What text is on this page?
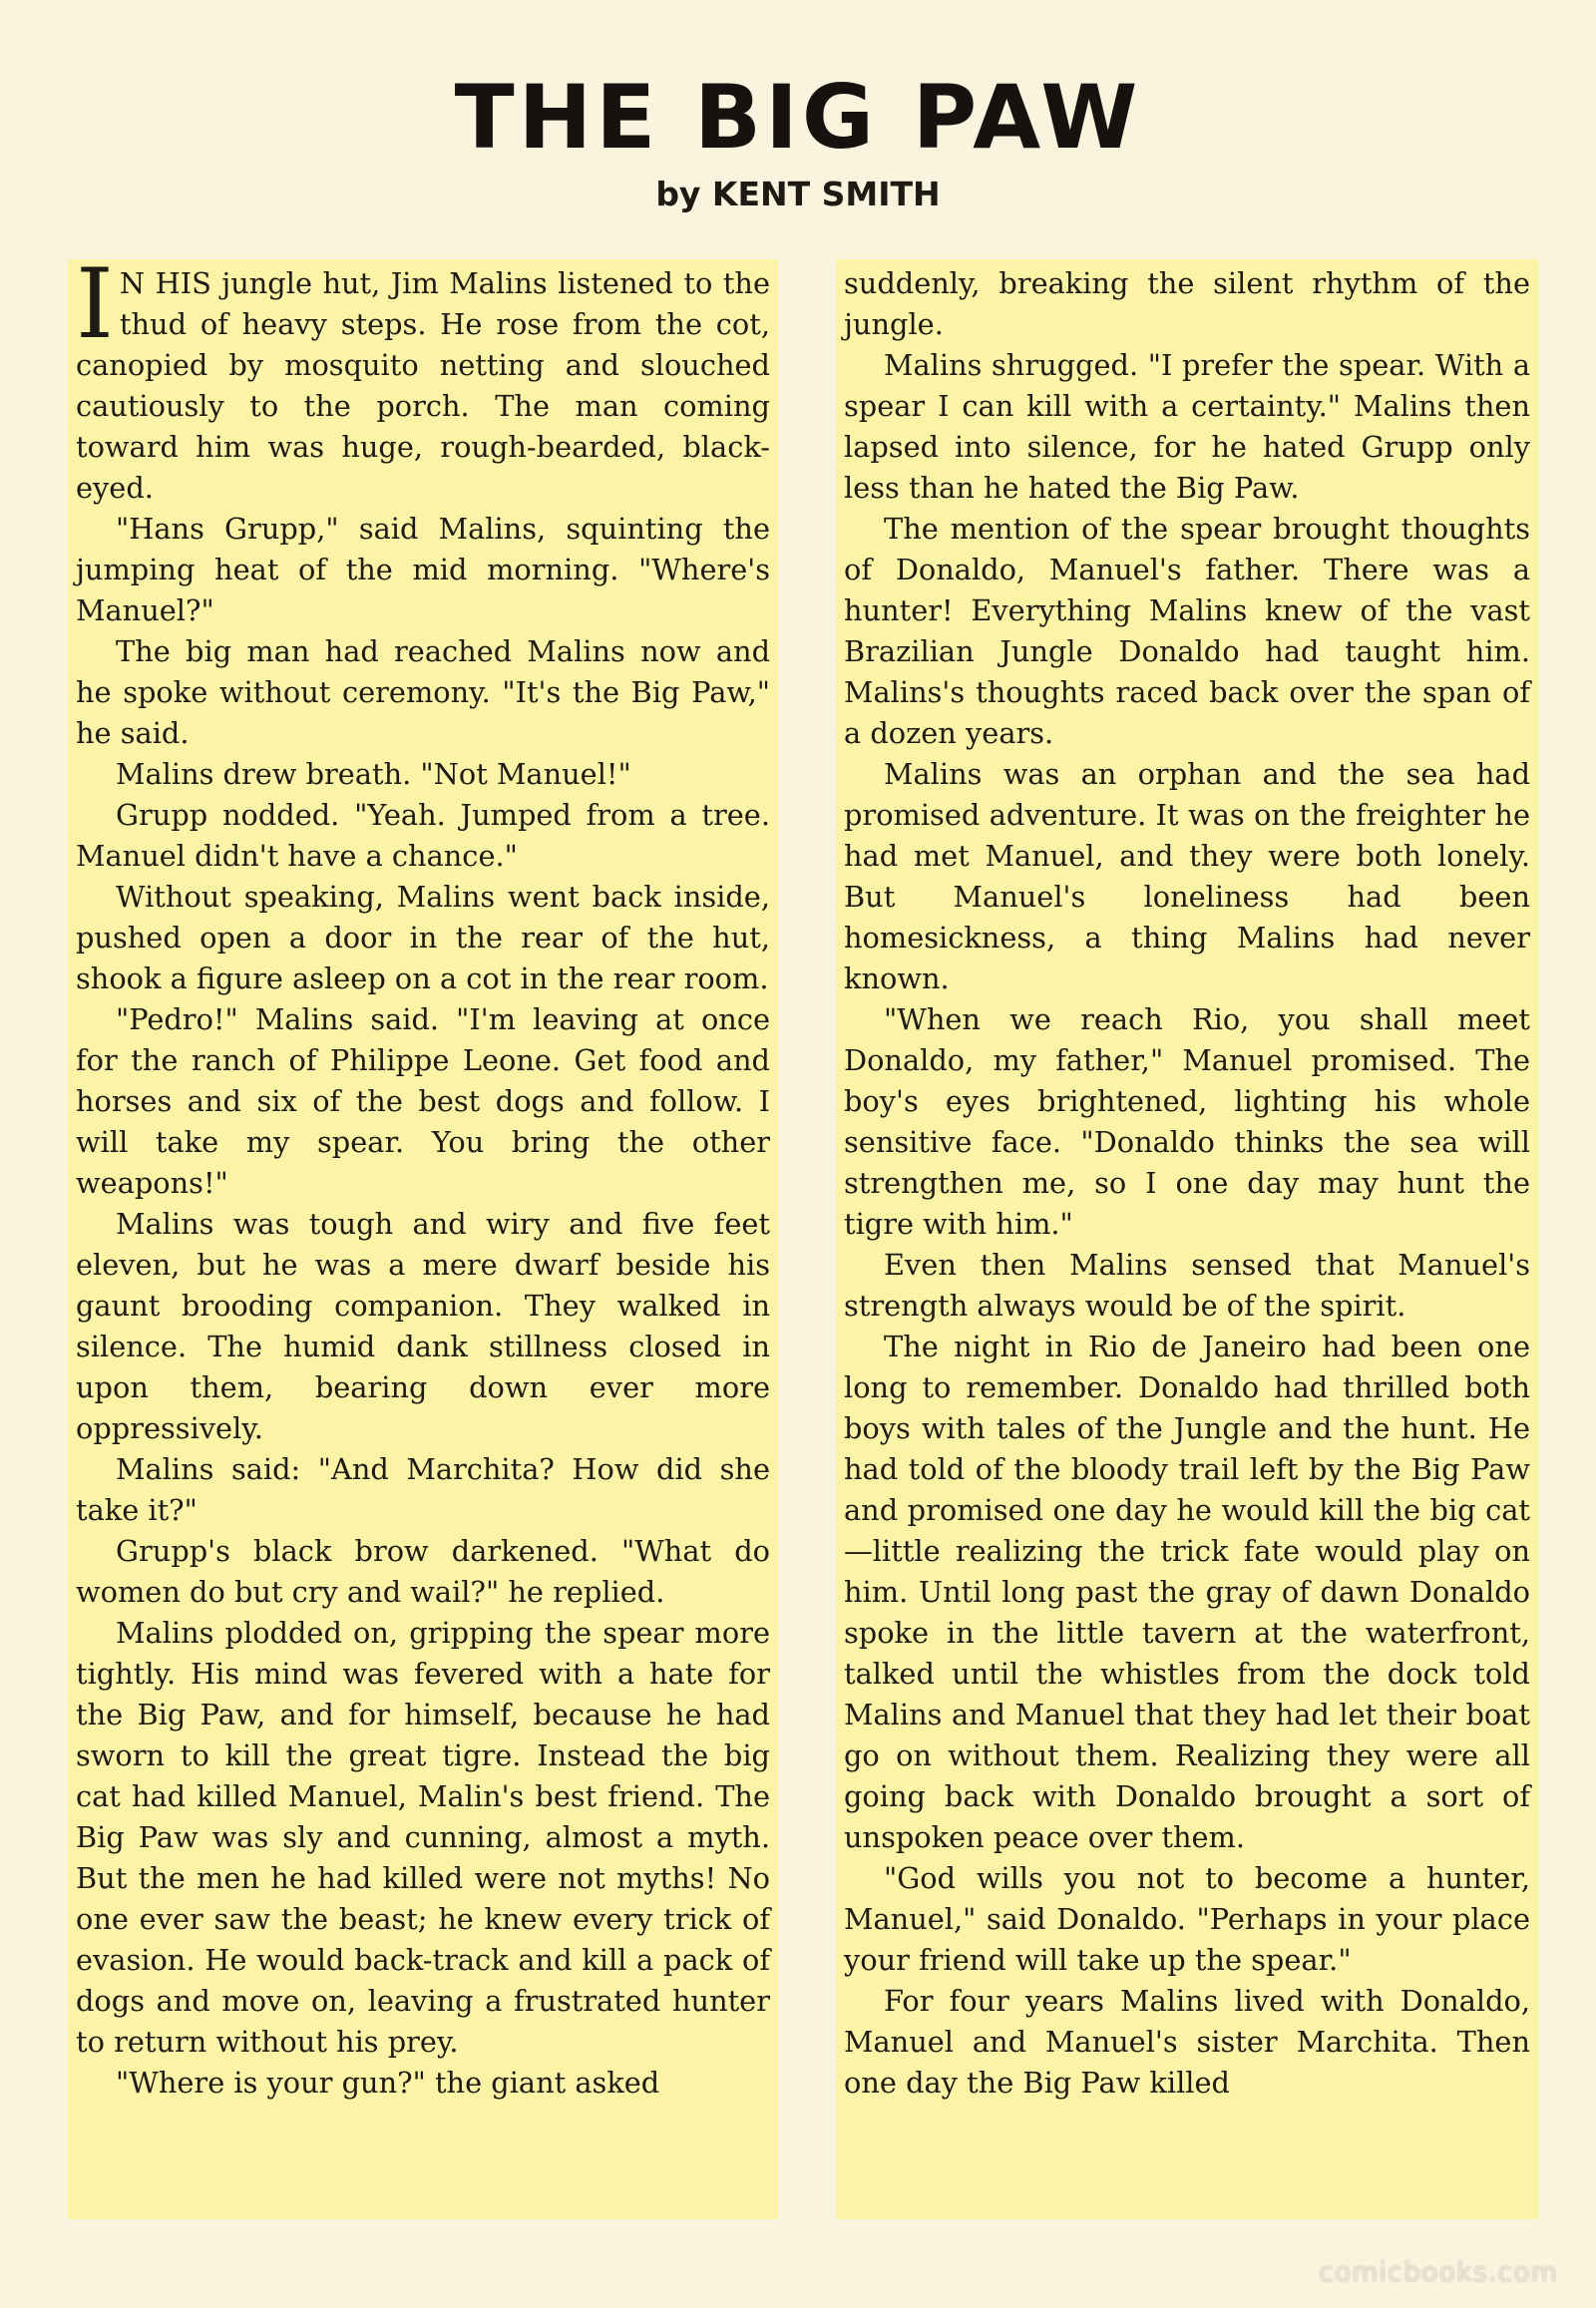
THE BIG PAW
by KENT SMITH

I N HIS jungle hut, Jim Malins listened to the thud of heavy steps. He rose from the cot, canopied by mosquito netting and slouched cautiously to the porch. The man coming toward him was huge, rough-bearded, black-eyed.

"Hans Grupp," said Malins, squinting the jumping heat of the mid morning. "Where's Manuel?"

The big man had reached Malins now and he spoke without ceremony. "It's the Big Paw," he said.

Malins drew breath. "Not Manuel!"

Grupp nodded. "Yeah. Jumped from a tree. Manuel didn't have a chance."

Without speaking, Malins went back inside, pushed open a door in the rear of the hut, shook a figure asleep on a cot in the rear room.

"Pedro!" Malins said. "I'm leaving at once for the ranch of Philippe Leone. Get food and horses and six of the best dogs and follow. I will take my spear. You bring the other weapons!"

Malins was tough and wiry and five feet eleven, but he was a mere dwarf beside his gaunt brooding companion. They walked in silence. The humid dank stillness closed in upon them, bearing down ever more oppressively.

Malins said: "And Marchita? How did she take it?"

Grupp's black brow darkened. "What do women do but cry and wail?" he replied.

Malins plodded on, gripping the spear more tightly. His mind was fevered with a hate for the Big Paw, and for himself, because he had sworn to kill the great tigre. Instead the big cat had killed Manuel, Malin's best friend. The Big Paw was sly and cunning, almost a myth. But the men he had killed were not myths! No one ever saw the beast; he knew every trick of evasion. He would back-track and kill a pack of dogs and move on, leaving a frustrated hunter to return without his prey.

"Where is your gun?" the giant asked

suddenly, breaking the silent rhythm of the jungle.

Malins shrugged. "I prefer the spear. With a spear I can kill with a certainty." Malins then lapsed into silence, for he hated Grupp only less than he hated the Big Paw.

The mention of the spear brought thoughts of Donaldo, Manuel's father. There was a hunter! Everything Malins knew of the vast Brazilian Jungle Donaldo had taught him. Malins's thoughts raced back over the span of a dozen years.

Malins was an orphan and the sea had promised adventure. It was on the freighter he had met Manuel, and they were both lonely. But Manuel's loneliness had been homesickness, a thing Malins had never known.

"When we reach Rio, you shall meet Donaldo, my father," Manuel promised. The boy's eyes brightened, lighting his whole sensitive face. "Donaldo thinks the sea will strengthen me, so I one day may hunt the tigre with him."

Even then Malins sensed that Manuel's strength always would be of the spirit.

The night in Rio de Janeiro had been one long to remember. Donaldo had thrilled both boys with tales of the Jungle and the hunt. He had told of the bloody trail left by the Big Paw and promised one day he would kill the big cat—little realizing the trick fate would play on him. Until long past the gray of dawn Donaldo spoke in the little tavern at the waterfront, talked until the whistles from the dock told Malins and Manuel that they had let their boat go on without them. Realizing they were all going back with Donaldo brought a sort of unspoken peace over them.

"God wills you not to become a hunter, Manuel," said Donaldo. "Perhaps in your place your friend will take up the spear."

For four years Malins lived with Donaldo, Manuel and Manuel's sister Marchita. Then one day the Big Paw killed

comicbooks.com
